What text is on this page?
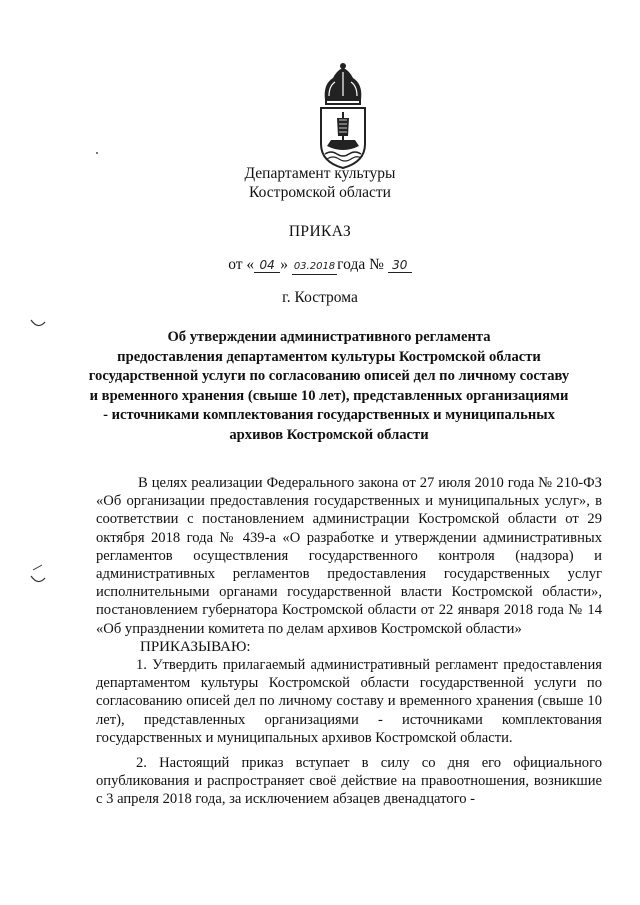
Департамент культуры
Костромской области
ПРИКАЗ
от « 04 » 03.2018 года № 30
г. Кострома
Об утверждении административного регламента
предоставления департаментом культуры Костромской области
государственной услуги по согласованию описей дел по личному составу
и временного хранения (свыше 10 лет), представленных организациями
- источниками комплектования государственных и муниципальных
архивов Костромской области

В целях реализации Федерального закона от 27 июля 2010 года № 210-ФЗ «Об организации предоставления государственных и муниципальных услуг», в соответствии с постановлением администрации Костромской области от 29 октября 2018 года № 439-а «О разработке и утверждении административных регламентов осуществления государственного контроля (надзора) и административных регламентов предоставления государственных услуг исполнительными органами государственной власти Костромской области», постановлением губернатора Костромской области от 22 января 2018 года № 14 «Об упразднении комитета по делам архивов Костромской области»

ПРИКАЗЫВАЮ:

1. Утвердить прилагаемый административный регламент предоставления департаментом культуры Костромской области государственной услуги по согласованию описей дел по личному составу и временного хранения (свыше 10 лет), представленных организациями - источниками комплектования государственных и муниципальных архивов Костромской области.

2. Настоящий приказ вступает в силу со дня его официального опубликования и распространяет своё действие на правоотношения, возникшие с 3 апреля 2018 года, за исключением абзацев двенадцатого -
